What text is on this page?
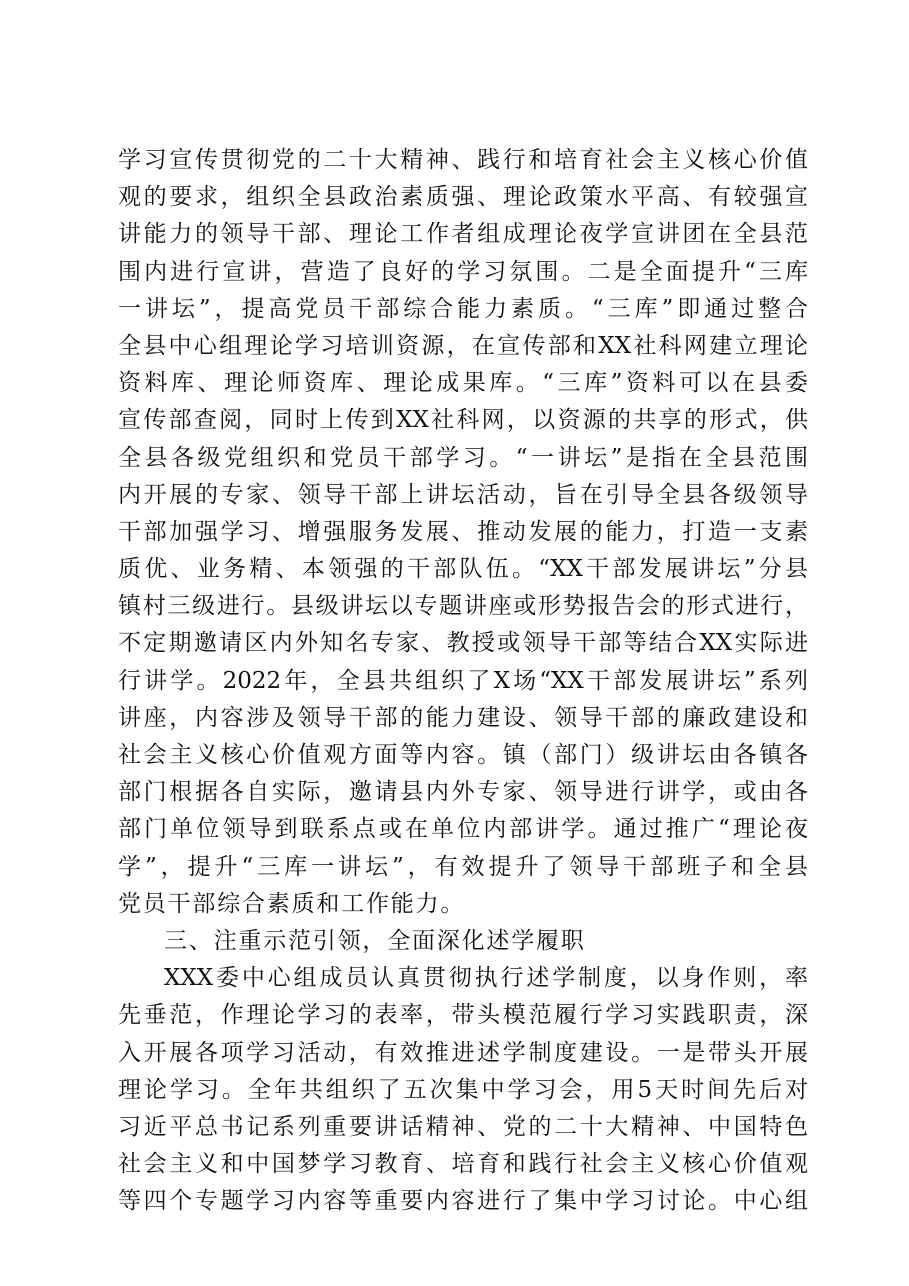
学习宣传贯彻党的二十大精神、践行和培育社会主义核心价值
观的要求，组织全县政治素质强、理论政策水平高、有较强宣
讲能力的领导干部、理论工作者组成理论夜学宣讲团在全县范
围内进行宣讲，营造了良好的学习氛围。二是全面提升“三库
一讲坛”，提高党员干部综合能力素质。“三库”即通过整合
全县中心组理论学习培训资源，在宣传部和XX社科网建立理论
资料库、理论师资库、理论成果库。“三库”资料可以在县委
宣传部查阅，同时上传到XX社科网，以资源的共享的形式，供
全县各级党组织和党员干部学习。“一讲坛”是指在全县范围
内开展的专家、领导干部上讲坛活动，旨在引导全县各级领导
干部加强学习、增强服务发展、推动发展的能力，打造一支素
质优、业务精、本领强的干部队伍。“XX干部发展讲坛”分县
镇村三级进行。县级讲坛以专题讲座或形势报告会的形式进行，
不定期邀请区内外知名专家、教授或领导干部等结合XX实际进
行讲学。2022年，全县共组织了X场“XX干部发展讲坛”系列
讲座，内容涉及领导干部的能力建设、领导干部的廉政建设和
社会主义核心价值观方面等内容。镇（部门）级讲坛由各镇各
部门根据各自实际，邀请县内外专家、领导进行讲学，或由各
部门单位领导到联系点或在单位内部讲学。通过推广“理论夜
学”，提升“三库一讲坛”，有效提升了领导干部班子和全县
党员干部综合素质和工作能力。
三、注重示范引领，全面深化述学履职
XXX委中心组成员认真贯彻执行述学制度，以身作则，率
先垂范，作理论学习的表率，带头模范履行学习实践职责，深
入开展各项学习活动，有效推进述学制度建设。一是带头开展
理论学习。全年共组织了五次集中学习会，用5天时间先后对
习近平总书记系列重要讲话精神、党的二十大精神、中国特色
社会主义和中国梦学习教育、培育和践行社会主义核心价值观
等四个专题学习内容等重要内容进行了集中学习讨论。中心组
